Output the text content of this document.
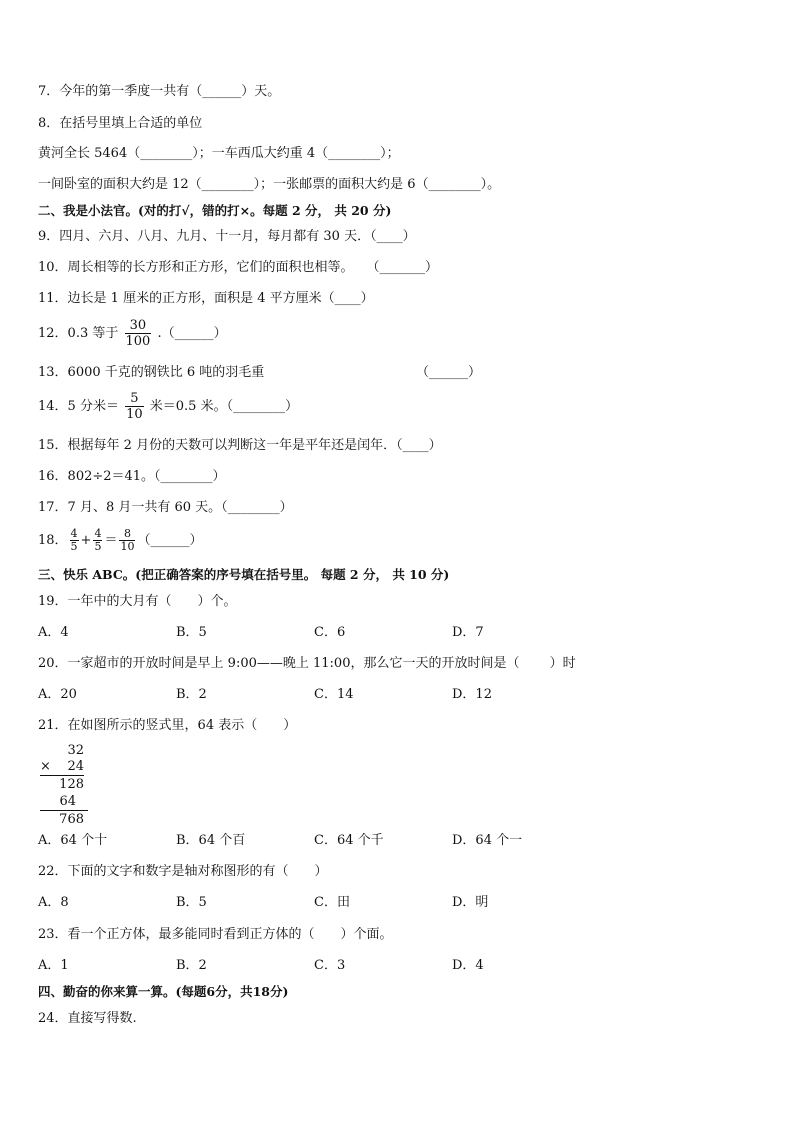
7．今年的第一季度一共有（______）天。
8．在括号里填上合适的单位
黄河全长 5464（________）；一车西瓜大约重 4（________）；
一间卧室的面积大约是 12（________）；一张邮票的面积大约是 6（________）。
二、我是小法官。(对的打√，错的打×。每题 2 分， 共 20 分)
9．四月、六月、八月、九月、十一月，每月都有 30 天．（____）
10．周长相等的长方形和正方形，它们的面积也相等。　　（_______）
11．边长是 1 厘米的正方形，面积是 4 平方厘米（____）
12．0.3 等于 $\frac{30}{100}$ .（______）
13．6000 千克的钢铁比 6 吨的羽毛重	（______）
14．5 分米＝ $\frac{5}{10}$ 米＝0.5 米。（________）
15．根据每年 2 月份的天数可以判断这一年是平年还是闰年．（____）
16．802÷2＝41。（________）
17．7 月、8 月一共有 60 天。（________）
18． $\frac{4}{5} + \frac{4}{5} = \frac{8}{10}$ （______）
三、快乐 ABC。(把正确答案的序号填在括号里。 每题 2 分， 共 10 分)
19．一年中的大月有（　　）个。
A．4	B．5	C．6	D．7
20．一家超市的开放时间是早上 9:00——晚上 11:00，那么它一天的开放时间是（　　 ）时
A．20	B．2	C．14	D．12
21．在如图所示的竖式里，64 表示（　　）
32
× 24
128
64
768
A．64 个十	B．64 个百	C．64 个千	D．64 个一
22．下面的文字和数字是轴对称图形的有（　　）
A．8	B．5	C．田	D．明
23．看一个正方体，最多能同时看到正方体的（　　）个面。
A．1	B．2	C．3	D．4
四、勤奋的你来算一算。(每题6分，共18分)
24．直接写得数.
